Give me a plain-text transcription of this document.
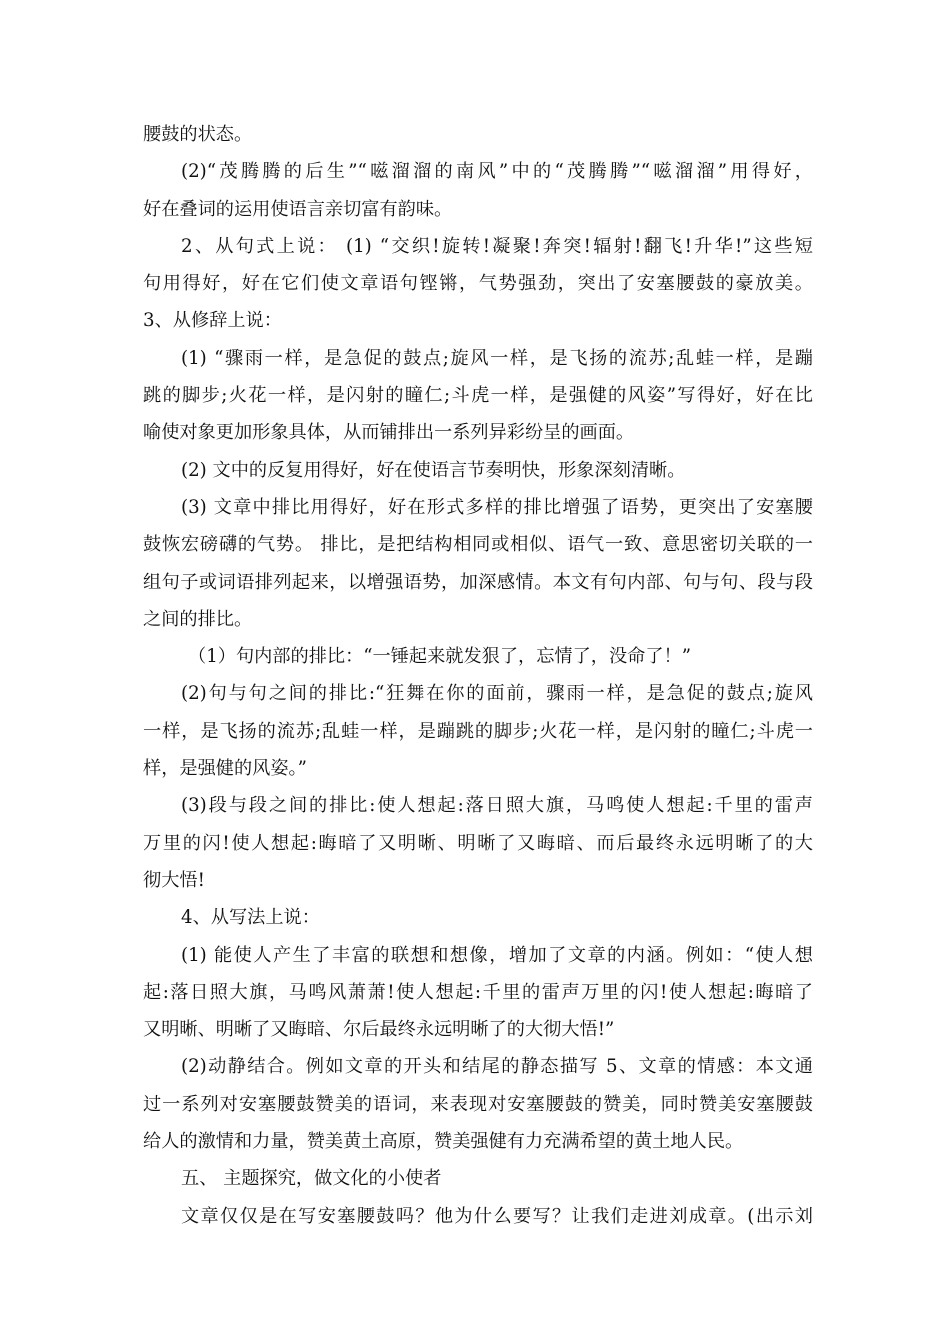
腰鼓的状态。
(2)“茂腾腾的后生”“嗞溜溜的南风”中的“茂腾腾”“嗞溜溜”用得好，
好在叠词的运用使语言亲切富有韵味。
2、从句式上说： (1) “交织!旋转!凝聚!奔突!辐射!翻飞!升华!”这些短
句用得好，好在它们使文章语句铿锵，气势强劲，突出了安塞腰鼓的豪放美。
3、从修辞上说：
(1) “骤雨一样，是急促的鼓点;旋风一样，是飞扬的流苏;乱蛙一样，是蹦
跳的脚步;火花一样，是闪射的瞳仁;斗虎一样，是强健的风姿”写得好，好在比
喻使对象更加形象具体，从而铺排出一系列异彩纷呈的画面。
(2) 文中的反复用得好，好在使语言节奏明快，形象深刻清晰。
(3) 文章中排比用得好，好在形式多样的排比增强了语势，更突出了安塞腰
鼓恢宏磅礴的气势。 排比，是把结构相同或相似、语气一致、意思密切关联的一
组句子或词语排列起来，以增强语势，加深感情。本文有句内部、句与句、段与段
之间的排比。
（1）句内部的排比：“一锤起来就发狠了，忘情了，没命了！”
(2)句与句之间的排比:“狂舞在你的面前，骤雨一样，是急促的鼓点;旋风
一样，是飞扬的流苏;乱蛙一样，是蹦跳的脚步;火花一样，是闪射的瞳仁;斗虎一
样，是强健的风姿。”
(3)段与段之间的排比:使人想起:落日照大旗，马鸣使人想起:千里的雷声
万里的闪!使人想起:晦暗了又明晰、明晰了又晦暗、而后最终永远明晰了的大
彻大悟!
4、从写法上说：
(1) 能使人产生了丰富的联想和想像，增加了文章的内涵。例如：“使人想
起:落日照大旗，马鸣风萧萧!使人想起:千里的雷声万里的闪!使人想起:晦暗了
又明晰、明晰了又晦暗、尔后最终永远明晰了的大彻大悟!”
(2)动静结合。例如文章的开头和结尾的静态描写 5、文章的情感：本文通
过一系列对安塞腰鼓赞美的语词，来表现对安塞腰鼓的赞美，同时赞美安塞腰鼓
给人的激情和力量，赞美黄土高原，赞美强健有力充满希望的黄土地人民。
五、 主题探究，做文化的小使者
文章仅仅是在写安塞腰鼓吗？他为什么要写？让我们走进刘成章。(出示刘
